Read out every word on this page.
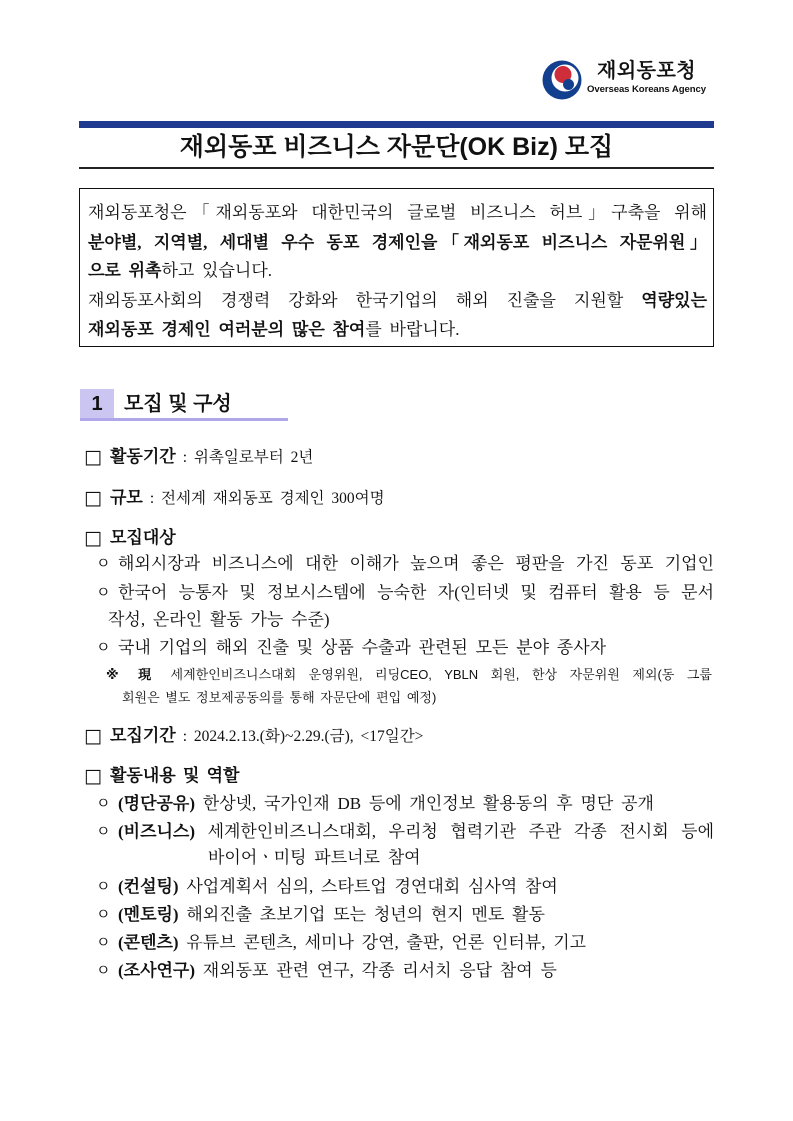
재외동포청
Overseas Koreans Agency
재외동포 비즈니스 자문단(OK Biz) 모집
재외동포청은「재외동포와 대한민국의 글로벌 비즈니스 허브」구축을 위해
분야별, 지역별, 세대별 우수 동포 경제인을「재외동포 비즈니스 자문위원」
으로 위촉하고 있습니다.
재외동포사회의 경쟁력 강화와 한국기업의 해외 진출을 지원할 역량있는
재외동포 경제인 여러분의 많은 참여를 바랍니다.
1	모집 및 구성
□ 활동기간 : 위촉일로부터 2년
□ 규모 : 전세계 재외동포 경제인 300여명
□ 모집대상
ㅇ 해외시장과 비즈니스에 대한 이해가 높으며 좋은 평판을 가진 동포 기업인
ㅇ 한국어 능통자 및 정보시스템에 능숙한 자(인터넷 및 컴퓨터 활용 등 문서
작성, 온라인 활동 가능 수준)
ㅇ 국내 기업의 해외 진출 및 상품 수출과 관련된 모든 분야 종사자
※ 現 세계한인비즈니스대회 운영위원, 리딩CEO, YBLN 회원, 한상 자문위원 제외(동 그룹
회원은 별도 정보제공동의를 통해 자문단에 편입 예정)
□ 모집기간 : 2024.2.13.(화)~2.29.(금), <17일간>
□ 활동내용 및 역할
ㅇ (명단공유) 한상넷, 국가인재 DB 등에 개인정보 활용동의 후 명단 공개
ㅇ (비즈니스) 세계한인비즈니스대회, 우리청 협력기관 주관 각종 전시회 등에
바이어ㆍ미팅 파트너로 참여
ㅇ (컨설팅) 사업계획서 심의, 스타트업 경연대회 심사역 참여
ㅇ (멘토링) 해외진출 초보기업 또는 청년의 현지 멘토 활동
ㅇ (콘텐츠) 유튜브 콘텐츠, 세미나 강연, 출판, 언론 인터뷰, 기고
ㅇ (조사연구) 재외동포 관련 연구, 각종 리서치 응답 참여 등
